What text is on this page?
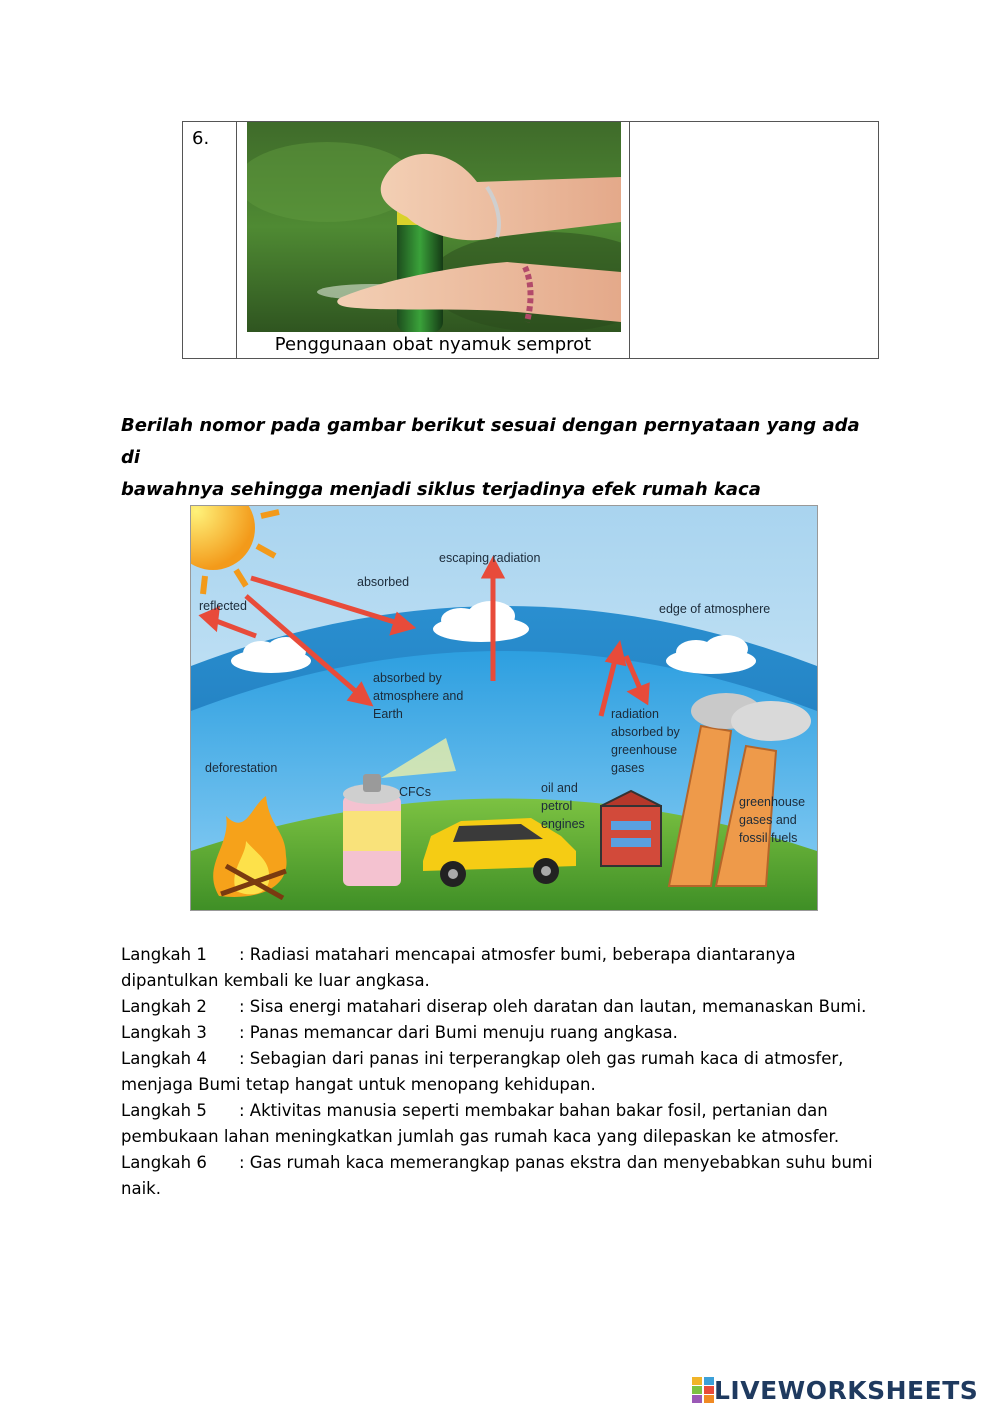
6.
Penggunaan obat nyamuk semprot
Berilah nomor pada gambar berikut sesuai dengan pernyataan yang ada di
bawahnya sehingga menjadi siklus terjadinya efek rumah kaca
escaping radiation
absorbed
reflected	edge of atmosphere
absorbed by
atmosphere and
Earth	radiation
absorbed by
greenhouse
gases
deforestation
CFCs	oil and
petrol
engines
greenhouse
gases and
fossil fuels
Langkah 1 : Radiasi matahari mencapai atmosfer bumi, beberapa diantaranya
dipantulkan kembali ke luar angkasa.
Langkah 2 : Sisa energi matahari diserap oleh daratan dan lautan, memanaskan Bumi.
Langkah 3 : Panas memancar dari Bumi menuju ruang angkasa.
Langkah 4 : Sebagian dari panas ini terperangkap oleh gas rumah kaca di atmosfer,
menjaga Bumi tetap hangat untuk menopang kehidupan.
Langkah 5 : Aktivitas manusia seperti membakar bahan bakar fosil, pertanian dan
pembukaan lahan meningkatkan jumlah gas rumah kaca yang dilepaskan ke atmosfer.
Langkah 6 : Gas rumah kaca memerangkap panas ekstra dan menyebabkan suhu bumi
naik.
LIVEWORKSHEETS
